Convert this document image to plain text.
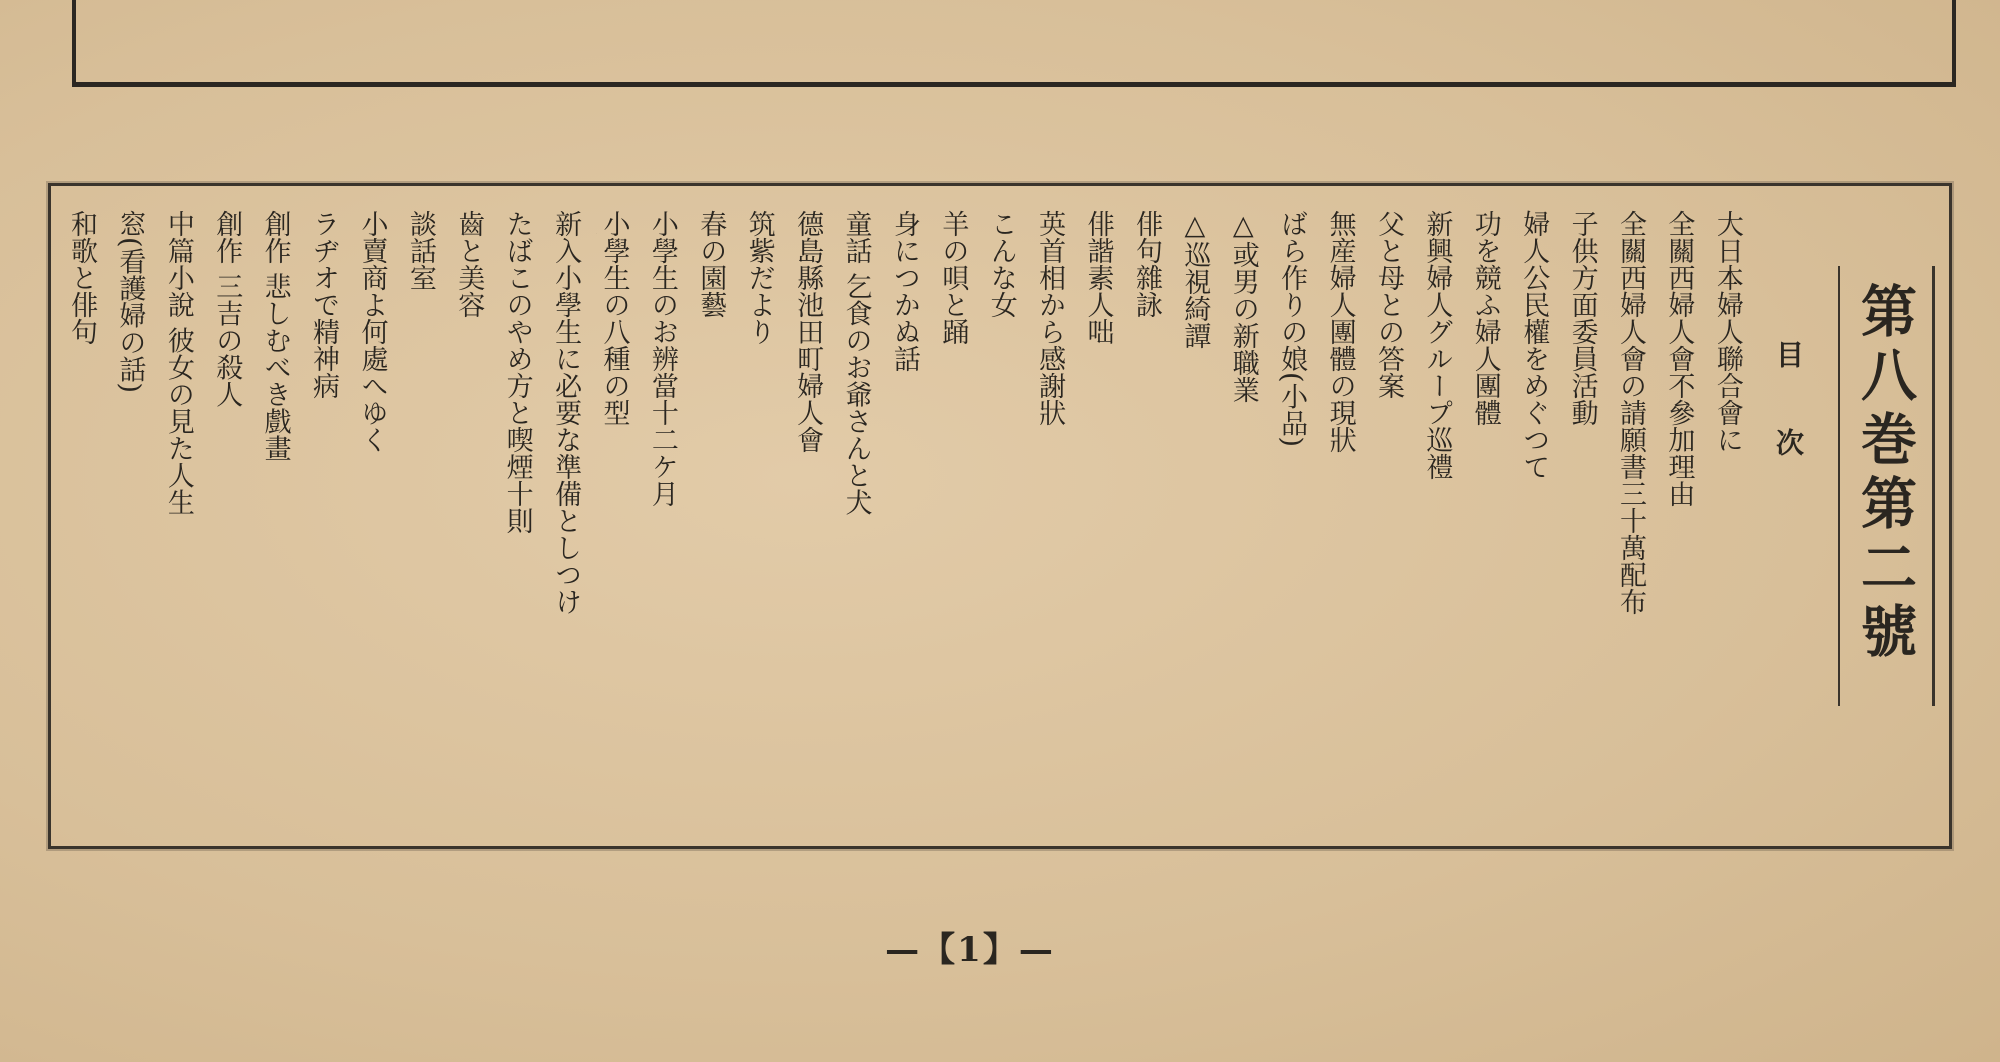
第八巻第二號
目次
大日本婦人聯合會に
全關西婦人會不參加理由
全關西婦人會の請願書三十萬配布
子供方面委員活動
婦人公民權をめぐつて
功を競ふ婦人團體
新興婦人グループ巡禮
父と母との答案
無産婦人團體の現狀
ばら作りの娘(小品)
△或男の新職業
△巡視綺譚
俳句雜詠
俳諧素人咄
英首相から感謝狀
こんな女
羊の唄と踊
身につかぬ話
童話 乞食のお爺さんと犬
德島縣池田町婦人會
筑紫だより
春の園藝
小學生のお辨當十二ケ月
小學生の八種の型
新入小學生に必要な準備としつけ
たばこのやめ方と喫煙十則
齒と美容
談話室
小賣商よ何處へゆく
ラヂオで精神病
創作 悲しむべき戲畫
創作 三吉の殺人
中篇小說 彼女の見た人生
窓(看護婦の話)
和歌と俳句
—【1】—
